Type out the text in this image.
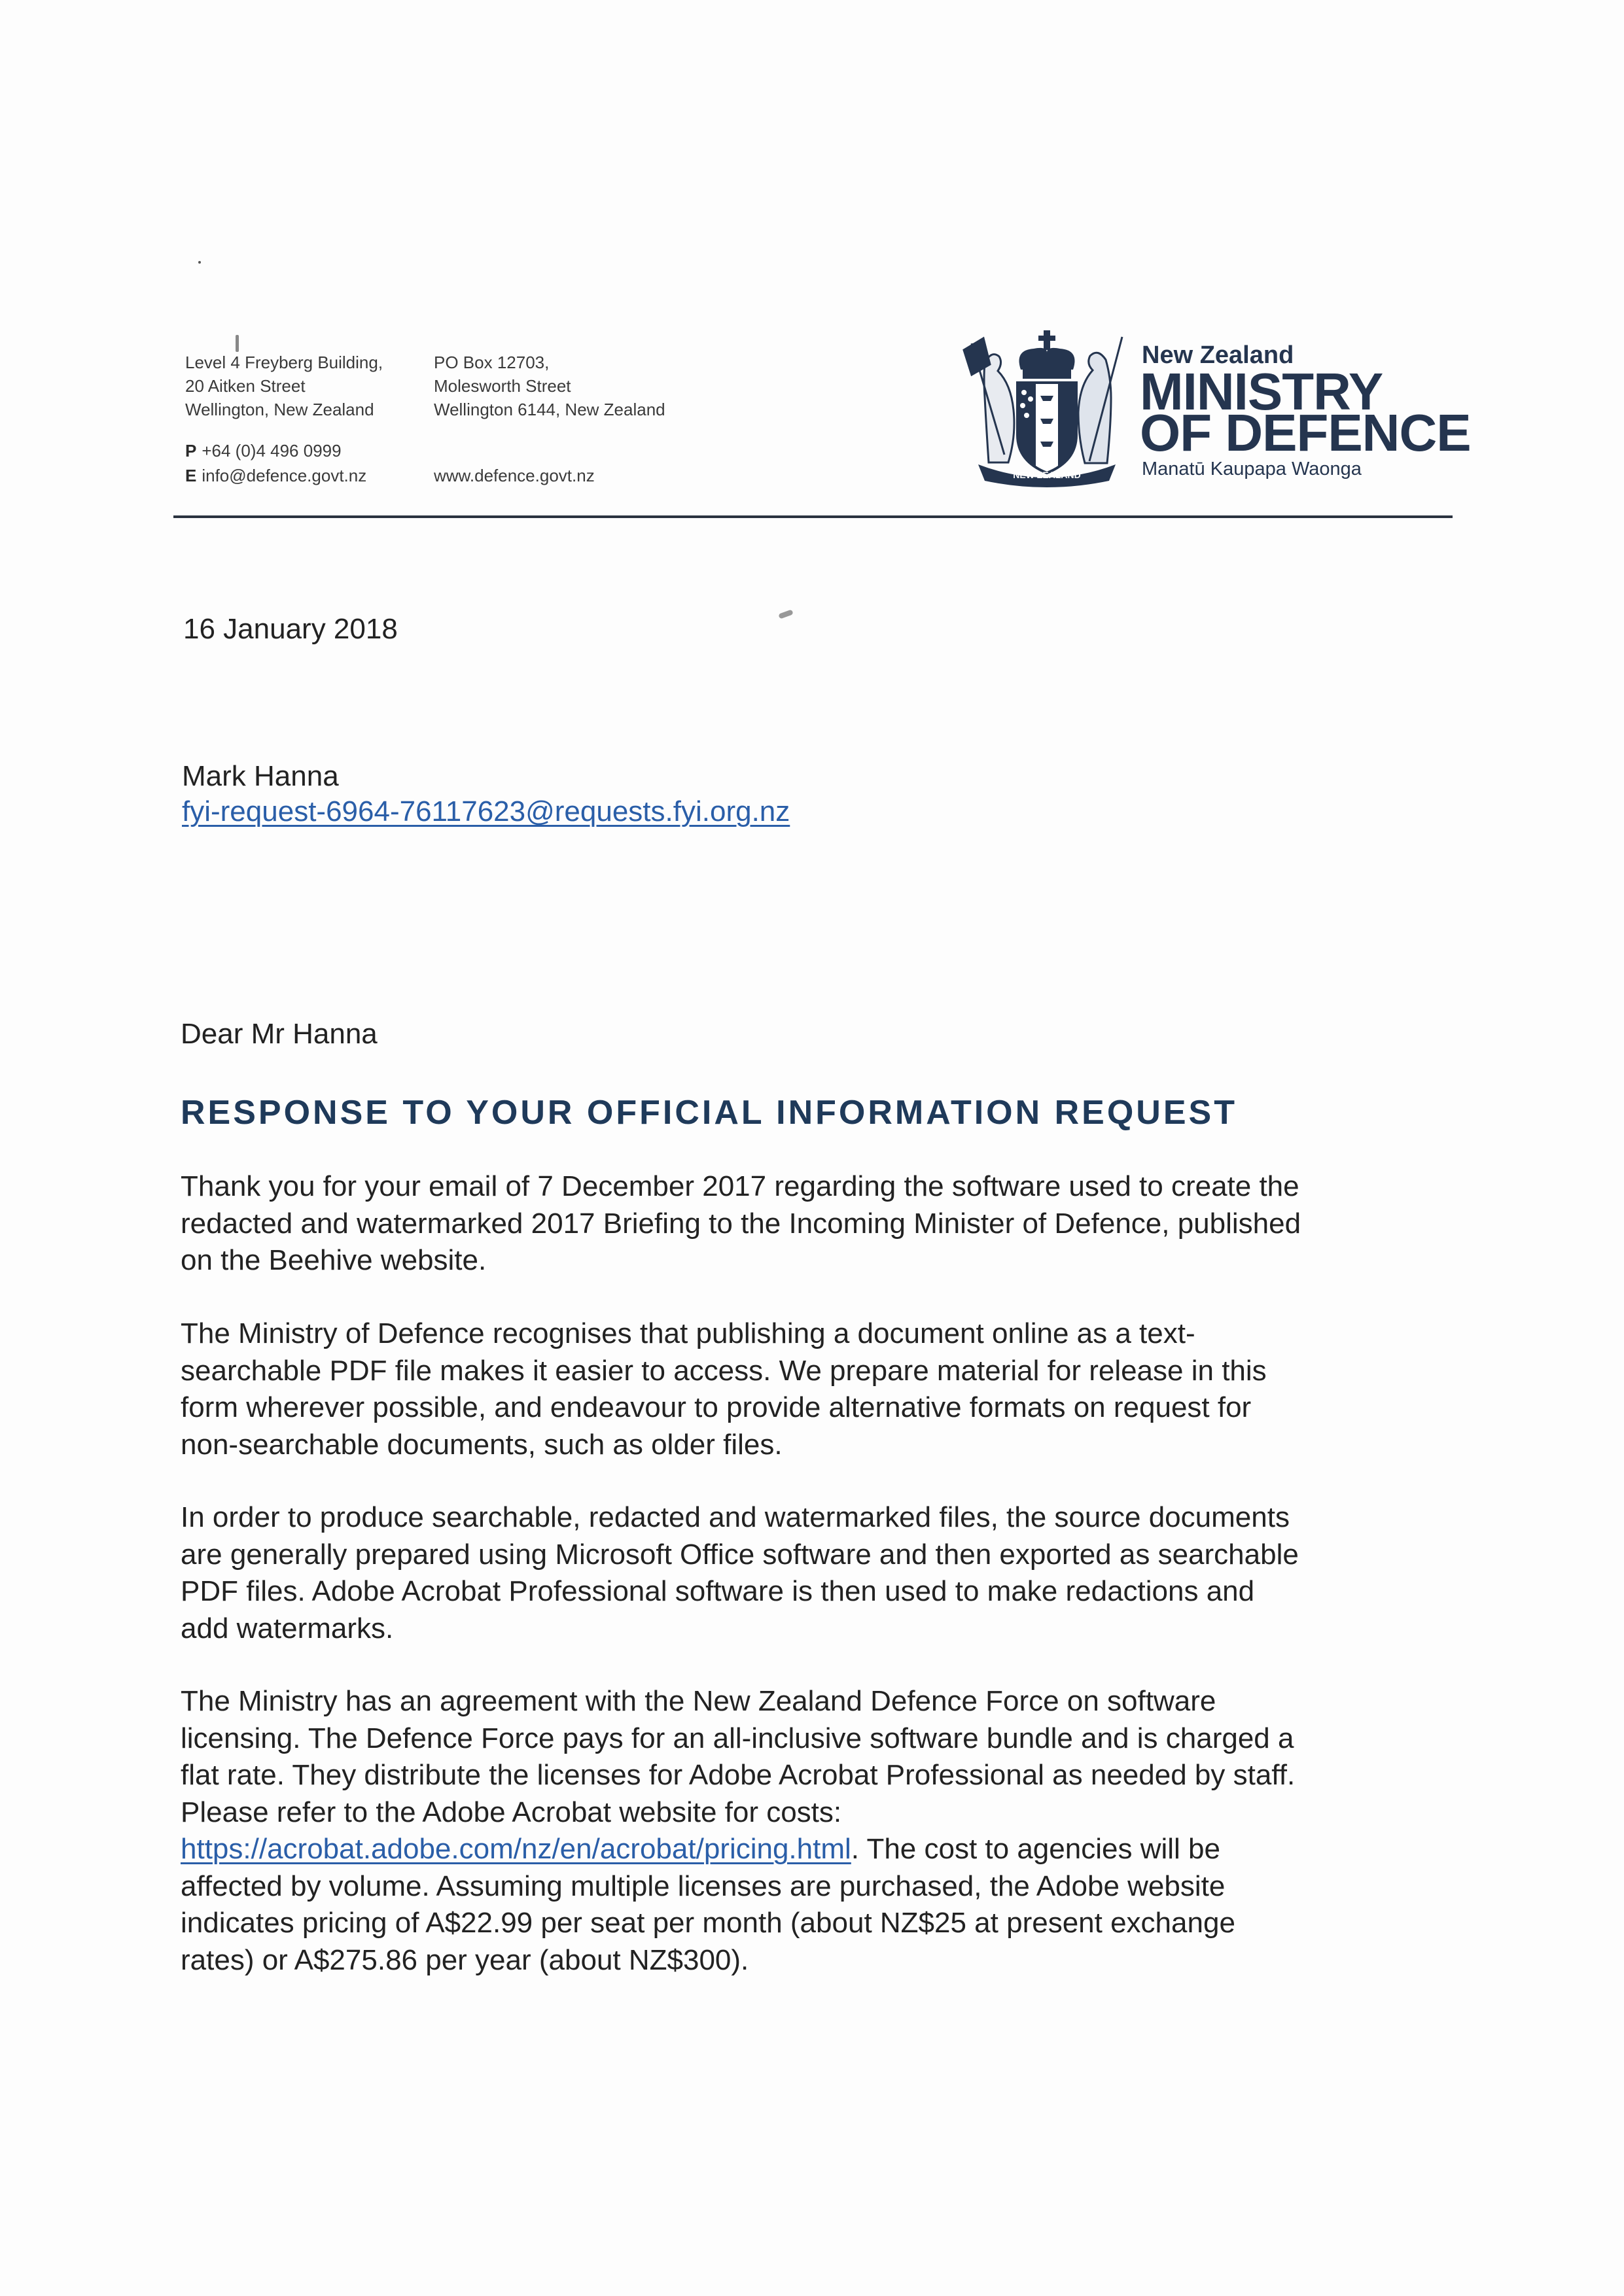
Level 4 Freyberg Building,
20 Aitken Street
Wellington, New Zealand
P +64 (0)4 496 0999
E info@defence.govt.nz
PO Box 12703,
Molesworth Street
Wellington 6144, New Zealand
www.defence.govt.nz	NEW ZEALAND
New Zealand
MINISTRY
OF DEFENCE
Manatū Kaupapa Waonga
16 January 2018
Mark Hanna
fyi-request-6964-76117623@requests.fyi.org.nz
Dear Mr Hanna
RESPONSE TO YOUR OFFICIAL INFORMATION REQUEST
Thank you for your email of 7 December 2017 regarding the software used to create the
redacted and watermarked 2017 Briefing to the Incoming Minister of Defence, published
on the Beehive website.
The Ministry of Defence recognises that publishing a document online as a text-
searchable PDF file makes it easier to access. We prepare material for release in this
form wherever possible, and endeavour to provide alternative formats on request for
non-searchable documents, such as older files.
In order to produce searchable, redacted and watermarked files, the source documents
are generally prepared using Microsoft Office software and then exported as searchable
PDF files. Adobe Acrobat Professional software is then used to make redactions and
add watermarks.
The Ministry has an agreement with the New Zealand Defence Force on software
licensing. The Defence Force pays for an all-inclusive software bundle and is charged a
flat rate. They distribute the licenses for Adobe Acrobat Professional as needed by staff.
Please refer to the Adobe Acrobat website for costs:
https://acrobat.adobe.com/nz/en/acrobat/pricing.html. The cost to agencies will be
affected by volume. Assuming multiple licenses are purchased, the Adobe website
indicates pricing of A$22.99 per seat per month (about NZ$25 at present exchange
rates) or A$275.86 per year (about NZ$300).
